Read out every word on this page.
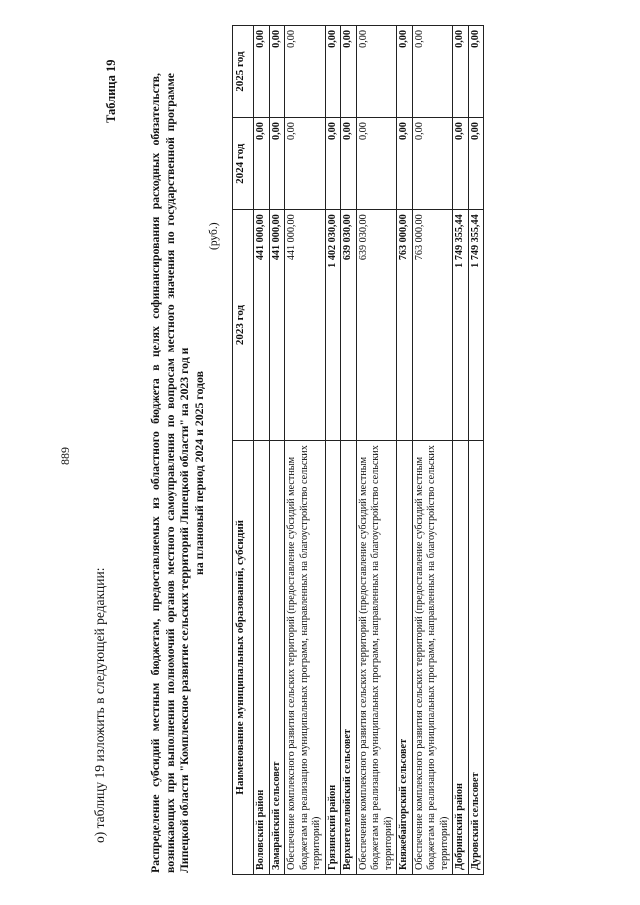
889
о) таблицу 19 изложить в следующей редакции:
Таблица 19	Распределение субсидий местным бюджетам, предоставляемых из областного бюджета в целях софинансирования расходных обязательств, возникающих при выполнении полномочий органов местного самоуправления по вопросам местного значения по государственной программе Липецкой области "Комплексное развитие сельских территорий Липецкой области" на 2023 год и на плановый период 2024 и 2025 годов
(руб.)
Наименование муниципальных образований, субсидий	2023 год	2024 год	2025 год
Воловский район	441 000,00	0,00	0,00
Замарайский сельсовет	441 000,00	0,00	0,00
Обеспечение комплексного развития сельских территорий (предоставление субсидий местным бюджетам на реализацию муниципальных программ, направленных на благоустройство сельских территорий)	441 000,00	0,00	0,00
Грязинский район	1 402 030,00	0,00	0,00
Верхнетелелюйский сельсовет	639 030,00	0,00	0,00
Обеспечение комплексного развития сельских территорий (предоставление субсидий местным бюджетам на реализацию муниципальных программ, направленных на благоустройство сельских территорий)	639 030,00	0,00	0,00
Княжебайгорский сельсовет	763 000,00	0,00	0,00
Обеспечение комплексного развития сельских территорий (предоставление субсидий местным бюджетам на реализацию муниципальных программ, направленных на благоустройство сельских территорий)	763 000,00	0,00	0,00
Добринский район	1 749 355,44	0,00	0,00
Дуровский сельсовет	1 749 355,44	0,00	0,00
